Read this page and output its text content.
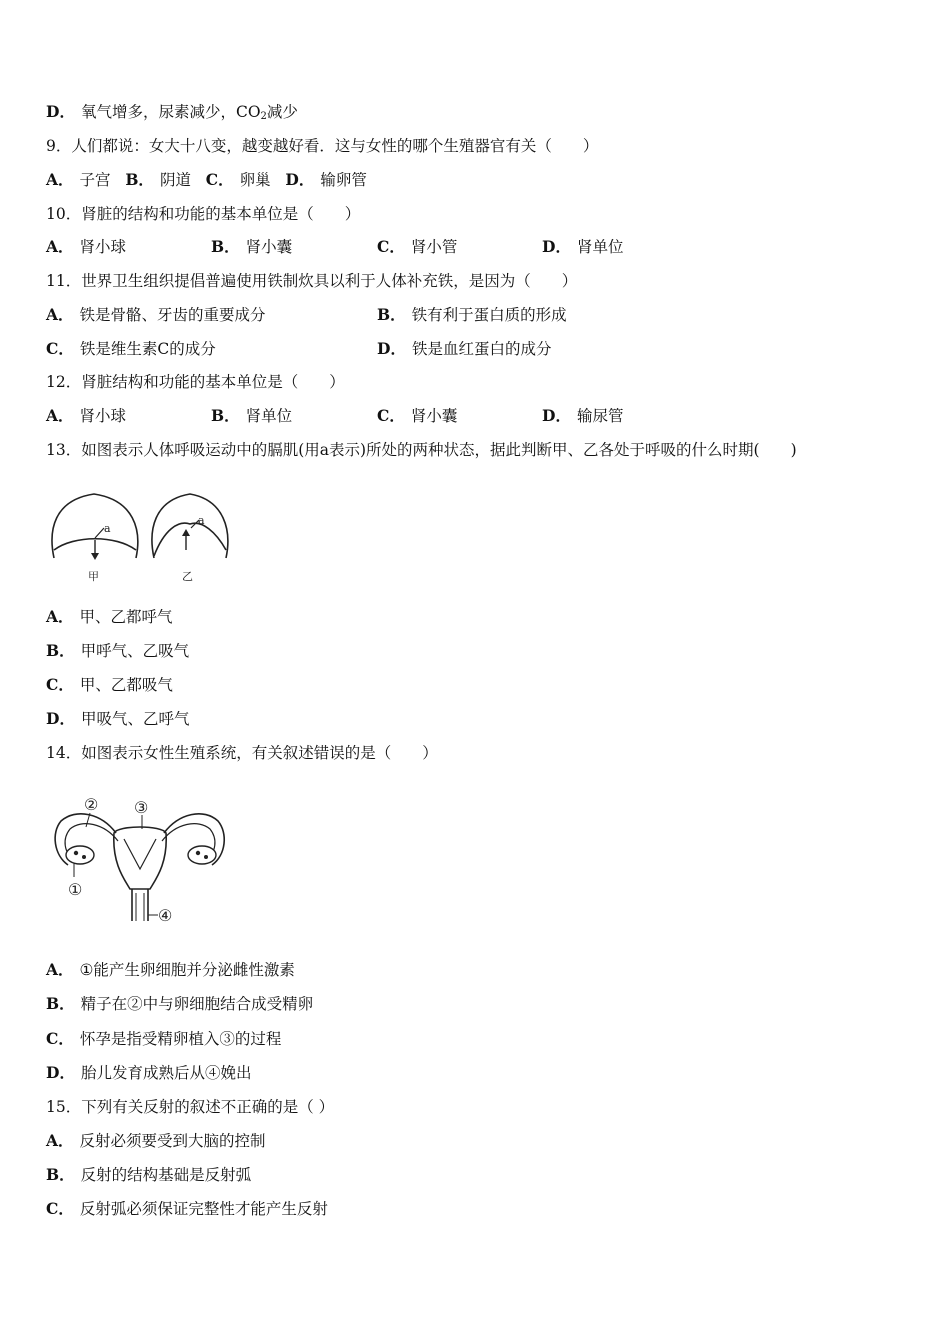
D． 氧气增多，尿素减少，$CO_2$减少
9．人们都说：女大十八变，越变越好看．这与女性的哪个生殖器官有关（　　）
A． 子宫 B． 阴道 C． 卵巢 D． 输卵管
10．肾脏的结构和功能的基本单位是（　　）
A． 肾小球	B． 肾小囊	C． 肾小管	D． 肾单位
11．世界卫生组织提倡普遍使用铁制炊具以利于人体补充铁，是因为（　　）
A． 铁是骨骼、牙齿的重要成分	B． 铁有利于蛋白质的形成
C． 铁是维生素C的成分	D． 铁是血红蛋白的成分
12．肾脏结构和功能的基本单位是（　　）
A． 肾小球	B． 肾单位	C． 肾小囊	D． 输尿管
13．如图表示人体呼吸运动中的膈肌(用a表示)所处的两种状态，据此判断甲、乙各处于呼吸的什么时期(　　)
a
甲
a
乙
A． 甲、乙都呼气
B． 甲呼气、乙吸气
C． 甲、乙都吸气
D． 甲吸气、乙呼气
14．如图表示女性生殖系统，有关叙述错误的是（　　）
② ③
①
④
A． ①能产生卵细胞并分泌雌性激素
B． 精子在②中与卵细胞结合成受精卵
C． 怀孕是指受精卵植入③的过程
D． 胎儿发育成熟后从④娩出
15．下列有关反射的叙述不正确的是（ ）
A． 反射必须要受到大脑的控制
B． 反射的结构基础是反射弧
C． 反射弧必须保证完整性才能产生反射
